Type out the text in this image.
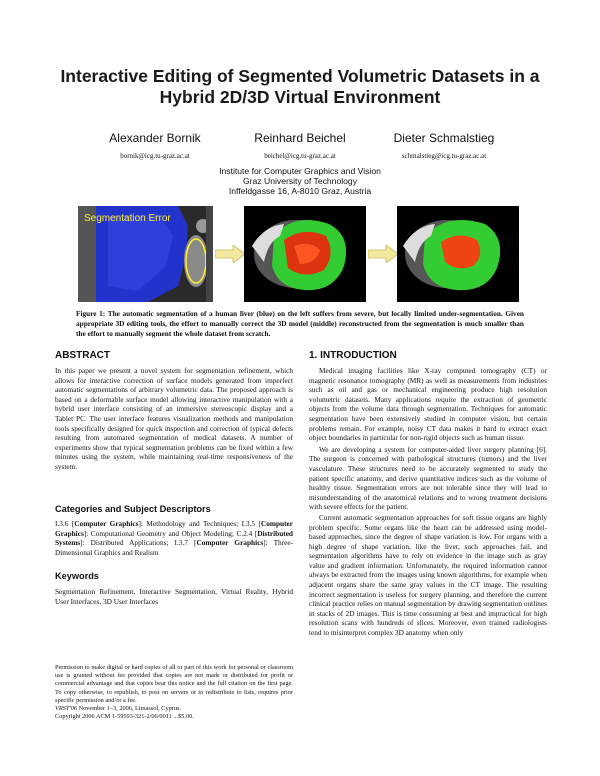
Interactive Editing of Segmented Volumetric Datasets in a Hybrid 2D/3D Virtual Environment
Alexander Bornik
bornik@icg.tu-graz.ac.at
Reinhard Beichel
beichel@icg.tu-graz.ac.at
Dieter Schmalstieg
schmalstieg@icg.tu-graz.ac.at
Institute for Computer Graphics and Vision
Graz University of Technology
Inffeldgasse 16, A-8010 Graz, Austria
Segmentation Error
Figure 1: The automatic segmentation of a human liver (blue) on the left suffers from severe, but locally limited under-segmentation. Given appropriate 3D editing tools, the effort to manually correct the 3D model (middle) reconstructed from the segmentation is much smaller than the effort to manually segment the whole dataset from scratch.
ABSTRACT
In this paper we present a novel system for segmentation refinement, which allows for interactive correction of surface models generated from imperfect automatic segmentations of arbitrary volumetric data. The proposed approach is based on a deformable surface model allowing interactive manipulation with a hybrid user interface consisting of an immersive stereoscopic display and a Tablet PC. The user interface features visualization methods and manipulation tools specifically designed for quick inspection and correction of typical defects resulting from automated segmentation of medical datasets. A number of experiments show that typical segmentation problems can be fixed within a few minutes using the system, while maintaining real-time responsiveness of the system.
Categories and Subject Descriptors
I.3.6 [Computer Graphics]: Methodology and Techniques; I.3.5 [Computer Graphics]: Computational Geometry and Object Modeling; C.2.4 [Distributed Systems]: Distributed Applications; I.3.7 [Computer Graphics]: Three-Dimensional Graphics and Realism
Keywords
Segmentation Refinement, Interactive Segmentation, Virtual Reality, Hybrid User Interfaces, 3D User Interfaces
Permission to make digital or hard copies of all or part of this work for personal or classroom use is granted without fee provided that copies are not made or distributed for profit or commercial advantage and that copies bear this notice and the full citation on the first page. To copy otherwise, to republish, to post on servers or to redistribute to lists, requires prior specific permission and/or a fee.
VRST'06 November 1–3, 2006, Limassol, Cyprus.
Copyright 2006 ACM 1-59593-321-2/06/0011 ...$5.00.
1. INTRODUCTION
Medical imaging facilities like X-ray computed tomography (CT) or magnetic resonance tomography (MR) as well as measurements from industries such as oil and gas or mechanical engineering produce high resolution volumetric datasets. Many applications require the extraction of geometric objects from the volume data through segmentation. Techniques for automatic segmentation have been extensively studied in computer vision, but certain problems remain. For example, noisy CT data makes it hard to extract exact object boundaries in particular for non-rigid objects such as human tissue.
We are developing a system for computer-aided liver surgery planning [6]. The surgeon is concerned with pathological structures (tumors) and the liver vasculature. These structures need to be accurately segmented to study the patient specific anatomy, and derive quantitative indices such as the volume of healthy tissue. Segmentation errors are not tolerable since they will lead to misunderstanding of the anatomical relations and to wrong treatment decisions with severe effects for the patient.
Current automatic segmentation approaches for soft tissue organs are highly problem specific. Some organs like the heart can be addressed using model-based approaches, since the degree of shape variation is low. For organs with a high degree of shape variation, like the liver, such approaches fail, and segmentation algorithms have to rely on evidence in the image such as gray value and gradient information. Unfortunately, the required information cannot always be extracted from the images using known algorithms, for example when adjacent organs share the same gray values in the CT image. The resulting incorrect segmentation is useless for surgery planning, and therefore the current clinical practice relies on manual segmentation by drawing segmentation outlines in stacks of 2D images. This is time consuming at best and impractical for high resolution scans with hundreds of slices. Moreover, even trained radiologists tend to misinterpret complex 3D anatomy when only
